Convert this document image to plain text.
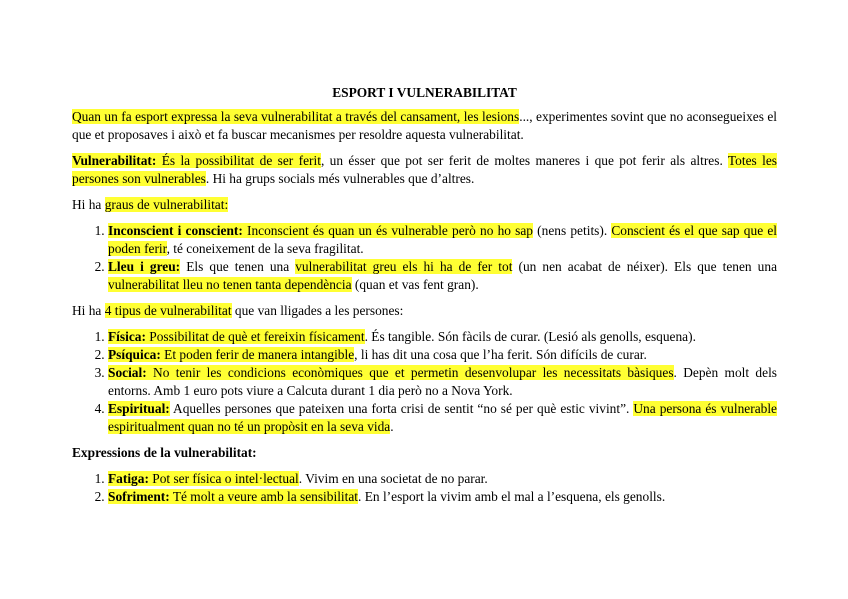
ESPORT I VULNERABILITAT

Quan un fa esport expressa la seva vulnerabilitat a través del cansament, les lesions..., experimentes sovint que no aconsegueixes el que et proposaves i això et fa buscar mecanismes per resoldre aquesta vulnerabilitat.

Vulnerabilitat: És la possibilitat de ser ferit, un ésser que pot ser ferit de moltes maneres i que pot ferir als altres. Totes les persones son vulnerables. Hi ha grups socials més vulnerables que d’altres.

Hi ha graus de vulnerabilitat:

1. Inconscient i conscient: Inconscient és quan un és vulnerable però no ho sap (nens petits). Conscient és el que sap que el poden ferir, té coneixement de la seva fragilitat.
2. Lleu i greu: Els que tenen una vulnerabilitat greu els hi ha de fer tot (un nen acabat de néixer). Els que tenen una vulnerabilitat lleu no tenen tanta dependència (quan et vas fent gran).

Hi ha 4 tipus de vulnerabilitat que van lligades a les persones:

1. Física: Possibilitat de què et fereixin físicament. És tangible. Són fàcils de curar. (Lesió als genolls, esquena).
2. Psíquica: Et poden ferir de manera intangible, li has dit una cosa que l’ha ferit. Són difícils de curar.
3. Social: No tenir les condicions econòmiques que et permetin desenvolupar les necessitats bàsiques. Depèn molt dels entorns. Amb 1 euro pots viure a Calcuta durant 1 dia però no a Nova York.
4. Espiritual: Aquelles persones que pateixen una forta crisi de sentit “no sé per què estic vivint”. Una persona és vulnerable espiritualment quan no té un propòsit en la seva vida.
Expressions de la vulnerabilitat:
1. Fatiga: Pot ser física o intel·lectual. Vivim en una societat de no parar.
2. Sofriment: Té molt a veure amb la sensibilitat. En l’esport la vivim amb el mal a l’esquena, els genolls.
